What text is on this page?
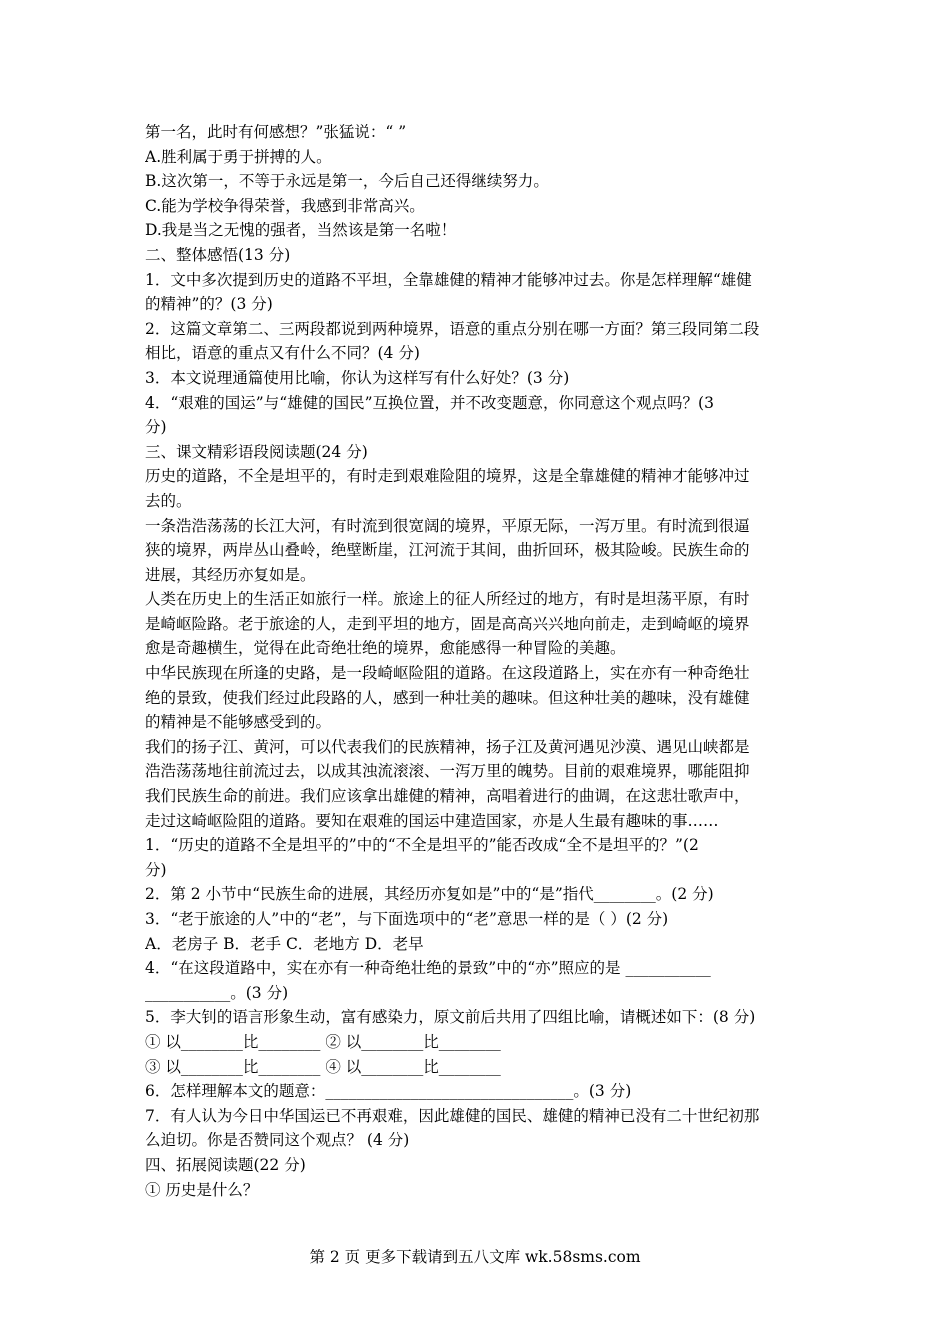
第一名，此时有何感想？”张猛说：“ ”
A.胜利属于勇于拼搏的人。
B.这次第一，不等于永远是第一，今后自己还得继续努力。
C.能为学校争得荣誉，我感到非常高兴。
D.我是当之无愧的强者，当然该是第一名啦！
二、整体感悟(13 分)
1．文中多次提到历史的道路不平坦，全靠雄健的精神才能够冲过去。你是怎样理解“雄健
的精神”的？(3 分)
2．这篇文章第二、三两段都说到两种境界，语意的重点分别在哪一方面？第三段同第二段
相比，语意的重点又有什么不同？(4 分)
3．本文说理通篇使用比喻，你认为这样写有什么好处？(3 分)
4．“艰难的国运”与“雄健的国民”互换位置，并不改变题意，你同意这个观点吗？(3
分)
三、课文精彩语段阅读题(24 分)
历史的道路，不全是坦平的，有时走到艰难险阻的境界，这是全靠雄健的精神才能够冲过
去的。
一条浩浩荡荡的长江大河，有时流到很宽阔的境界，平原无际，一泻万里。有时流到很逼
狭的境界，两岸丛山叠岭，绝壁断崖，江河流于其间，曲折回环，极其险峻。民族生命的
进展，其经历亦复如是。
人类在历史上的生活正如旅行一样。旅途上的征人所经过的地方，有时是坦荡平原，有时
是崎岖险路。老于旅途的人，走到平坦的地方，固是高高兴兴地向前走，走到崎岖的境界
愈是奇趣横生，觉得在此奇绝壮绝的境界，愈能感得一种冒险的美趣。
中华民族现在所逢的史路，是一段崎岖险阻的道路。在这段道路上，实在亦有一种奇绝壮
绝的景致，使我们经过此段路的人，感到一种壮美的趣味。但这种壮美的趣味，没有雄健
的精神是不能够感受到的。
我们的扬子江、黄河，可以代表我们的民族精神，扬子江及黄河遇见沙漠、遇见山峡都是
浩浩荡荡地往前流过去，以成其浊流滚滚、一泻万里的魄势。目前的艰难境界，哪能阻抑
我们民族生命的前进。我们应该拿出雄健的精神，高唱着进行的曲调，在这悲壮歌声中，
走过这崎岖险阻的道路。要知在艰难的国运中建造国家，亦是人生最有趣味的事……
1．“历史的道路不全是坦平的”中的“不全是坦平的”能否改成“全不是坦平的？”(2
分)
2．第 2 小节中“民族生命的进展，其经历亦复如是”中的“是”指代________。(2 分)
3．“老于旅途的人”中的“老”，与下面选项中的“老”意思一样的是（ ）(2 分)
A．老房子 B．老手 C．老地方 D．老早
4．“在这段道路中，实在亦有一种奇绝壮绝的景致”中的“亦”照应的是 ___________
___________。(3 分)
5．李大钊的语言形象生动，富有感染力，原文前后共用了四组比喻，请概述如下：(8 分)
① 以________比________ ② 以________比________
③ 以________比________ ④ 以________比________
6．怎样理解本文的题意：________________________________。(3 分)
7．有人认为今日中华国运已不再艰难，因此雄健的国民、雄健的精神已没有二十世纪初那
么迫切。你是否赞同这个观点？ (4 分)
四、拓展阅读题(22 分)
① 历史是什么？
第 2 页 更多下载请到五八文库 wk.58sms.com
